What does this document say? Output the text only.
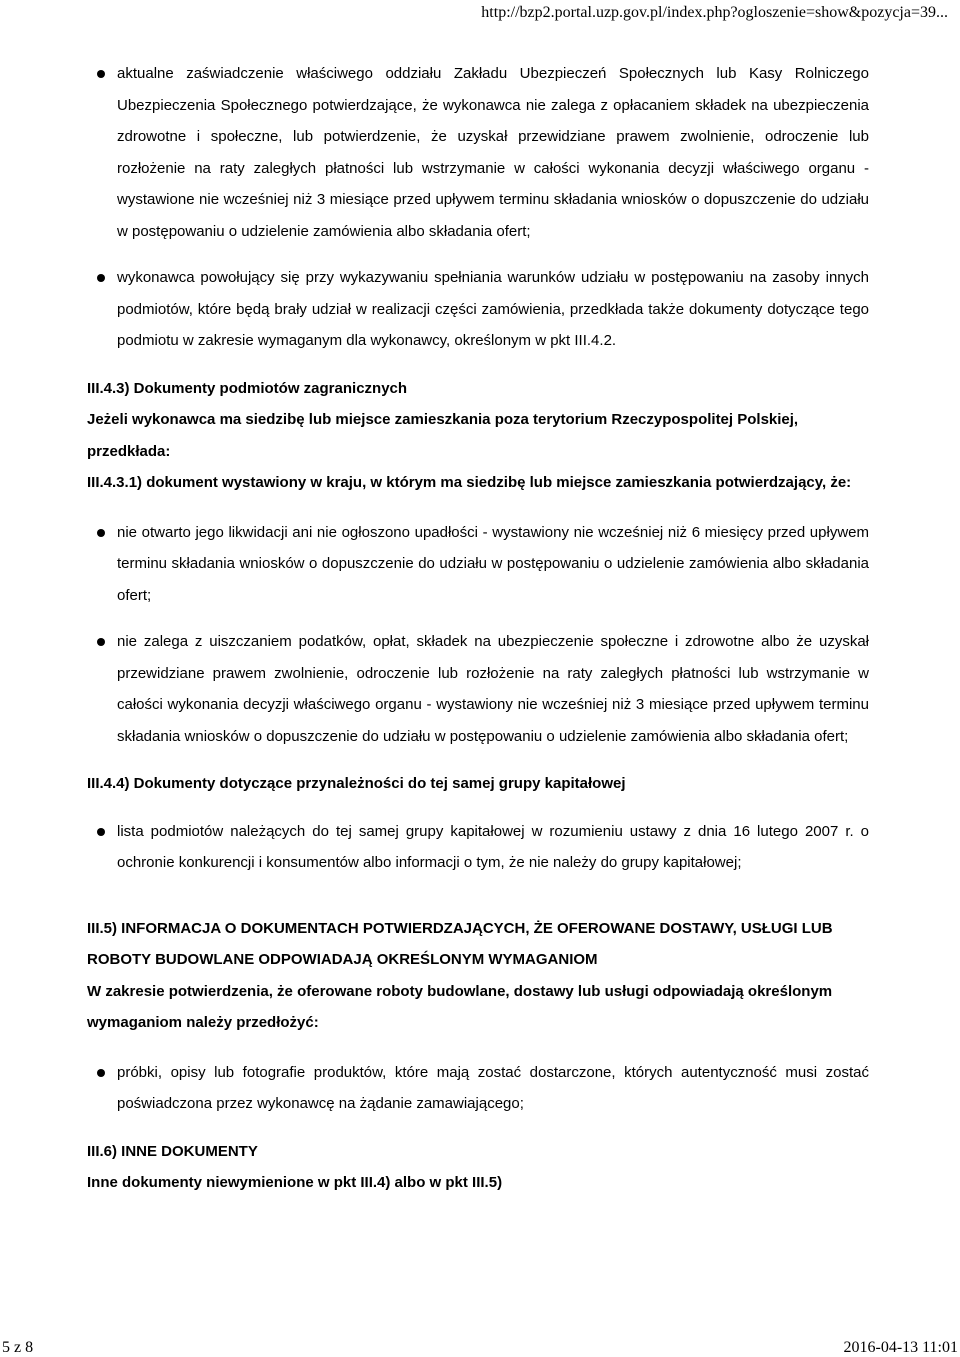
http://bzp2.portal.uzp.gov.pl/index.php?ogloszenie=show&pozycja=39...
aktualne zaświadczenie właściwego oddziału Zakładu Ubezpieczeń Społecznych lub Kasy Rolniczego Ubezpieczenia Społecznego potwierdzające, że wykonawca nie zalega z opłacaniem składek na ubezpieczenia zdrowotne i społeczne, lub potwierdzenie, że uzyskał przewidziane prawem zwolnienie, odroczenie lub rozłożenie na raty zaległych płatności lub wstrzymanie w całości wykonania decyzji właściwego organu - wystawione nie wcześniej niż 3 miesiące przed upływem terminu składania wniosków o dopuszczenie do udziału w postępowaniu o udzielenie zamówienia albo składania ofert;
wykonawca powołujący się przy wykazywaniu spełniania warunków udziału w postępowaniu na zasoby innych podmiotów, które będą brały udział w realizacji części zamówienia, przedkłada także dokumenty dotyczące tego podmiotu w zakresie wymaganym dla wykonawcy, określonym w pkt III.4.2.
III.4.3) Dokumenty podmiotów zagranicznych
Jeżeli wykonawca ma siedzibę lub miejsce zamieszkania poza terytorium Rzeczypospolitej Polskiej, przedkłada:
III.4.3.1) dokument wystawiony w kraju, w którym ma siedzibę lub miejsce zamieszkania potwierdzający, że:
nie otwarto jego likwidacji ani nie ogłoszono upadłości - wystawiony nie wcześniej niż 6 miesięcy przed upływem terminu składania wniosków o dopuszczenie do udziału w postępowaniu o udzielenie zamówienia albo składania ofert;
nie zalega z uiszczaniem podatków, opłat, składek na ubezpieczenie społeczne i zdrowotne albo że uzyskał przewidziane prawem zwolnienie, odroczenie lub rozłożenie na raty zaległych płatności lub wstrzymanie w całości wykonania decyzji właściwego organu - wystawiony nie wcześniej niż 3 miesiące przed upływem terminu składania wniosków o dopuszczenie do udziału w postępowaniu o udzielenie zamówienia albo składania ofert;
III.4.4) Dokumenty dotyczące przynależności do tej samej grupy kapitałowej
lista podmiotów należących do tej samej grupy kapitałowej w rozumieniu ustawy z dnia 16 lutego 2007 r. o ochronie konkurencji i konsumentów albo informacji o tym, że nie należy do grupy kapitałowej;
III.5) INFORMACJA O DOKUMENTACH POTWIERDZAJĄCYCH, ŻE OFEROWANE DOSTAWY, USŁUGI LUB ROBOTY BUDOWLANE ODPOWIADAJĄ OKREŚLONYM WYMAGANIOM
W zakresie potwierdzenia, że oferowane roboty budowlane, dostawy lub usługi odpowiadają określonym wymaganiom należy przedłożyć:
próbki, opisy lub fotografie produktów, które mają zostać dostarczone, których autentyczność musi zostać poświadczona przez wykonawcę na żądanie zamawiającego;
III.6) INNE DOKUMENTY
Inne dokumenty niewymienione w pkt III.4) albo w pkt III.5)
5 z 8	2016-04-13 11:01
